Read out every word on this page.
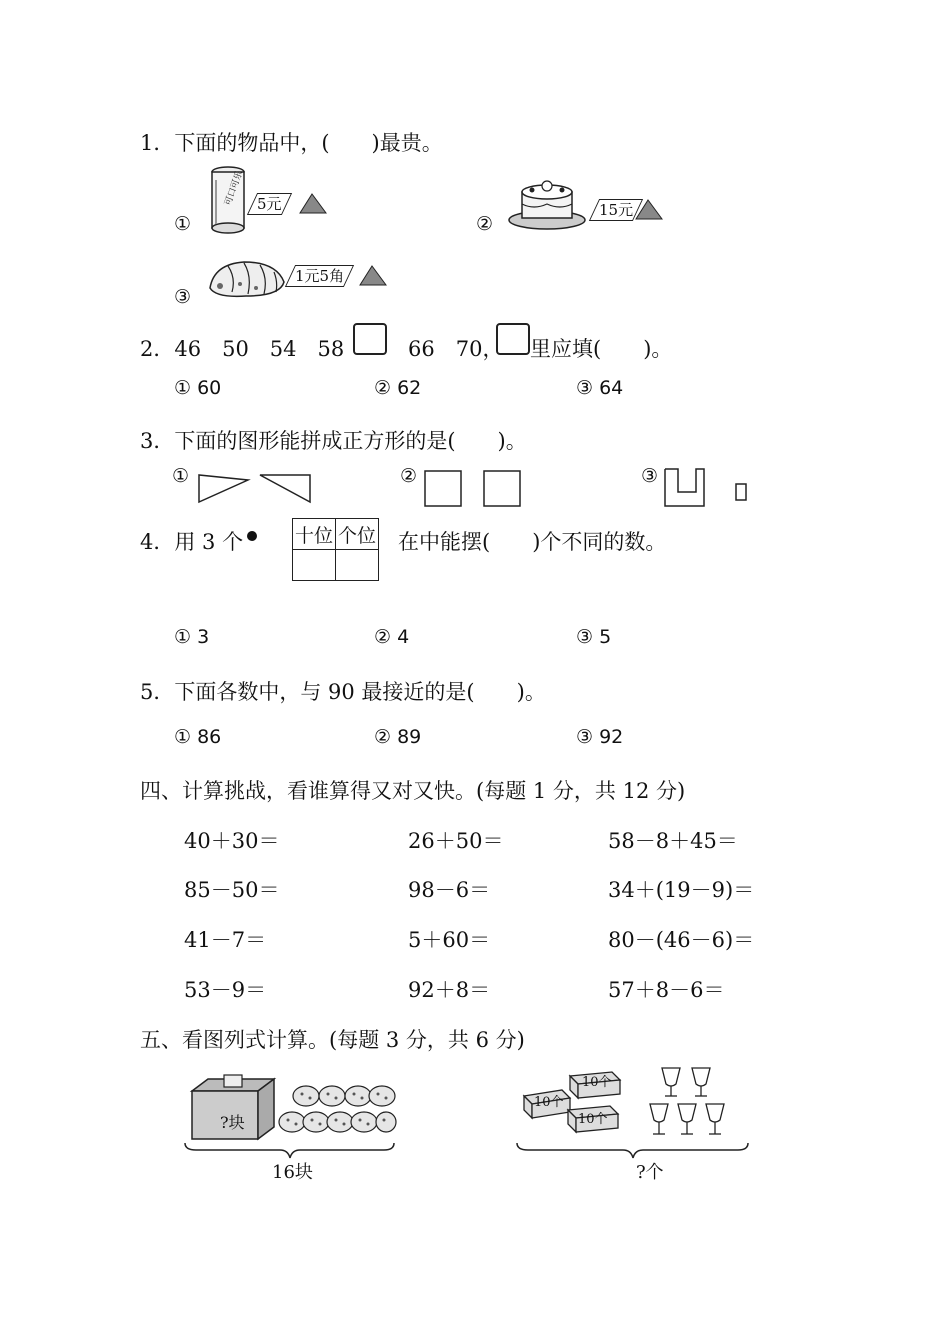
1．下面的物品中，(　　)最贵。
①
可口可乐 5元
②
15元
③
1元5角
2．46　50　54　58	66　70， 里应填(　　)。
① 60	② 62	③ 64
3．下面的图形能拼成正方形的是(　　)。
①	②	③
4．用 3 个	十位	个位
	在中能摆(　　)个不同的数。
① 3	② 4	③ 5
5．下面各数中，与 90 最接近的是(　　)。
① 86	② 89	③ 92
四、计算挑战，看谁算得又对又快。(每题 1 分，共 12 分)
40＋30＝	26＋50＝	58－8＋45＝
85－50＝	98－6＝	34＋(19－9)＝
41－7＝	5＋60＝	80－(46－6)＝
53－9＝	92＋8＝	57＋8－6＝
五、看图列式计算。(每题 3 分，共 6 分)
?块
16块
10个
10个
10个
?个
